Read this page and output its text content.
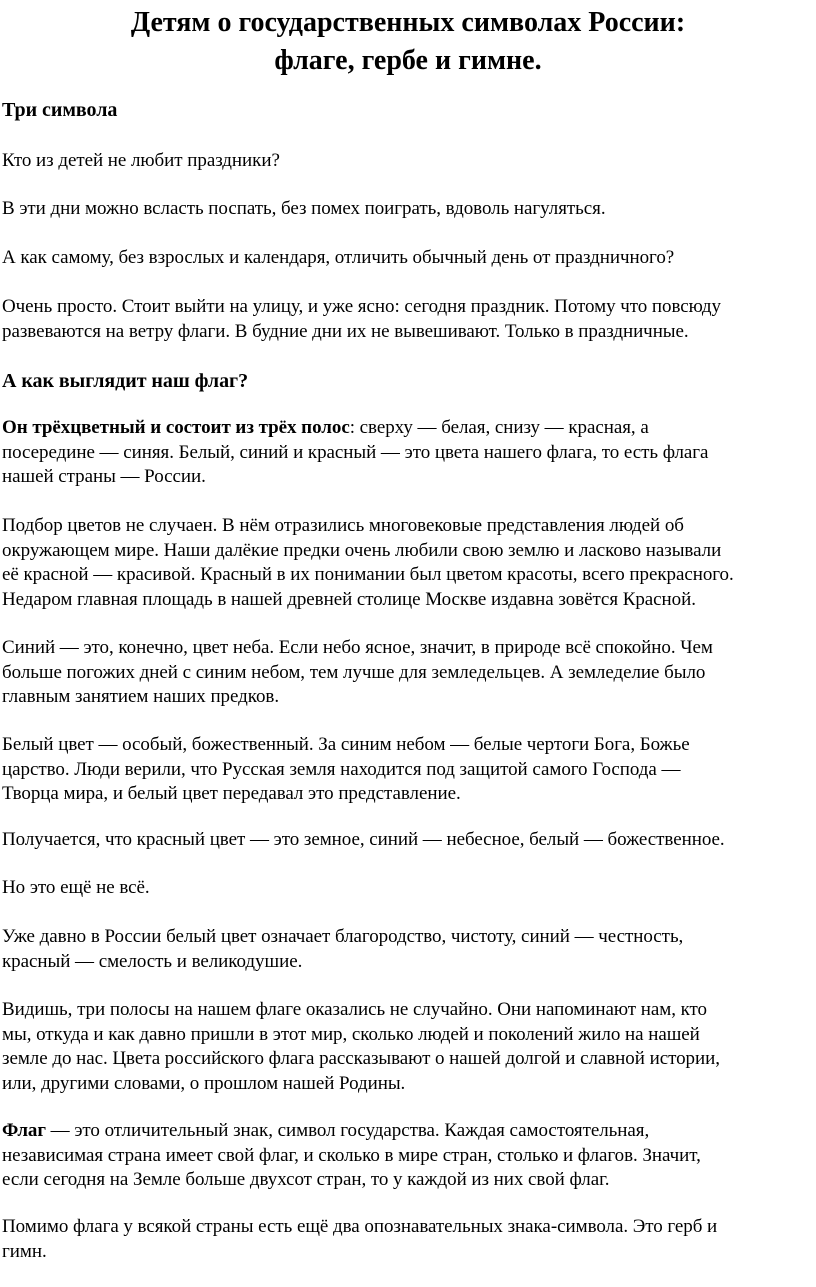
Детям о государственных символах России:
флаге, гербе и гимне.
Три символа
Кто из детей не любит праздники?
В эти дни можно всласть поспать, без помех поиграть, вдоволь нагуляться.
А как самому, без взрослых и календаря, отличить обычный день от праздничного?
Очень просто. Стоит выйти на улицу, и уже ясно: сегодня праздник. Потому что повсюду
развеваются на ветру флаги. В будние дни их не вывешивают. Только в праздничные.
А как выглядит наш флаг?
Он трёхцветный и состоит из трёх полос: сверху — белая, снизу — красная, а
посередине — синяя. Белый, синий и красный — это цвета нашего флага, то есть флага
нашей страны — России.
Подбор цветов не случаен. В нём отразились многовековые представления людей об
окружающем мире. Наши далёкие предки очень любили свою землю и ласково называли
её красной — красивой. Красный в их понимании был цветом красоты, всего прекрасного.
Недаром главная площадь в нашей древней столице Москве издавна зовётся Красной.
Синий — это, конечно, цвет неба. Если небо ясное, значит, в природе всё спокойно. Чем
больше погожих дней с синим небом, тем лучше для земледельцев. А земледелие было
главным занятием наших предков.
Белый цвет — особый, божественный. За синим небом — белые чертоги Бога, Божье
царство. Люди верили, что Русская земля находится под защитой самого Господа —
Творца мира, и белый цвет передавал это представление.
Получается, что красный цвет — это земное, синий — небесное, белый — божественное.
Но это ещё не всё.
Уже давно в России белый цвет означает благородство, чистоту, синий — честность,
красный — смелость и великодушие.
Видишь, три полосы на нашем флаге оказались не случайно. Они напоминают нам, кто
мы, откуда и как давно пришли в этот мир, сколько людей и поколений жило на нашей
земле до нас. Цвета российского флага рассказывают о нашей долгой и славной истории,
или, другими словами, о прошлом нашей Родины.
Флаг — это отличительный знак, символ государства. Каждая самостоятельная,
независимая страна имеет свой флаг, и сколько в мире стран, столько и флагов. Значит,
если сегодня на Земле больше двухсот стран, то у каждой из них свой флаг.
Помимо флага у всякой страны есть ещё два опознавательных знака-символа. Это герб и
гимн.
